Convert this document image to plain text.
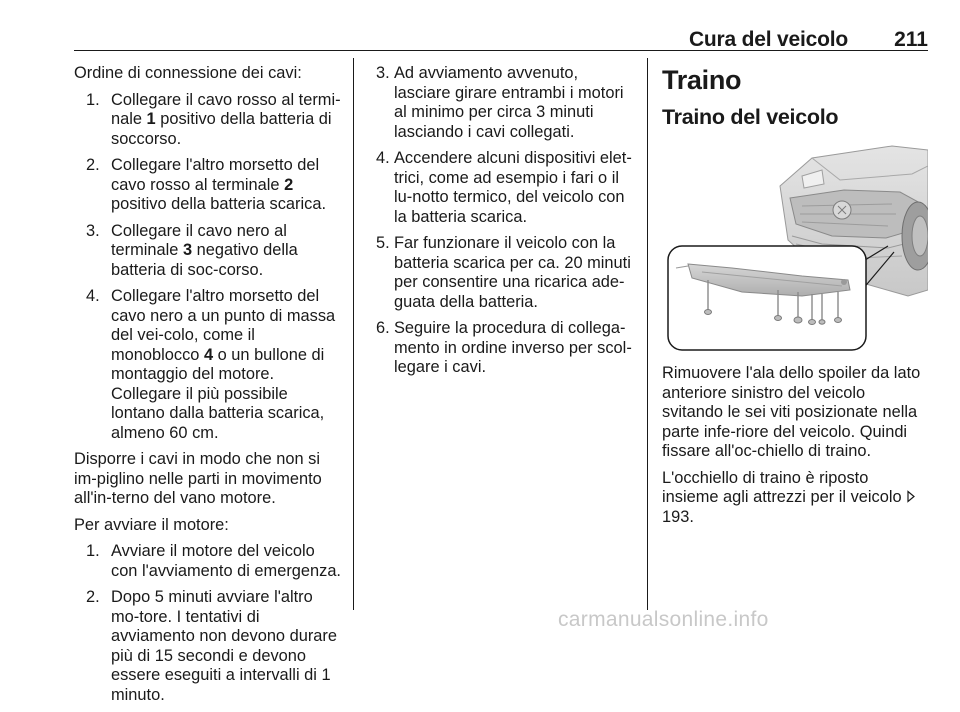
Cura del veicolo 211

Ordine di connessione dei cavi:

1. Collegare il cavo rosso al termi-nale 1 positivo della batteria di soccorso.
2. Collegare l'altro morsetto del cavo rosso al terminale 2 positivo della batteria scarica.
3. Collegare il cavo nero al terminale 3 negativo della batteria di soc-corso.
4. Collegare l'altro morsetto del cavo nero a un punto di massa del vei-colo, come il monoblocco 4 o un bullone di montaggio del motore. Collegare il più possibile lontano dalla batteria scarica, almeno 60 cm.

Disporre i cavi in modo che non si im-piglino nelle parti in movimento all'in-terno del vano motore.

Per avviare il motore:

1. Avviare il motore del veicolo con l'avviamento di emergenza.
2. Dopo 5 minuti avviare l'altro mo-tore. I tentativi di avviamento non devono durare più di 15 secondi e devono essere eseguiti a intervalli di 1 minuto.
3. Ad avviamento avvenuto, lasciare girare entrambi i motori al minimo per circa 3 minuti lasciando i cavi collegati.
4. Accendere alcuni dispositivi elet-trici, come ad esempio i fari o il lu-notto termico, del veicolo con la batteria scarica.
5. Far funzionare il veicolo con la batteria scarica per ca. 20 minuti per consentire una ricarica ade-guata della batteria.
6. Seguire la procedura di collega-mento in ordine inverso per scol-legare i cavi.
Traino
Traino del veicolo

Rimuovere l'ala dello spoiler da lato anteriore sinistro del veicolo svitando le sei viti posizionate nella parte infe-riore del veicolo. Quindi fissare all'oc-chiello di traino.

L'occhiello di traino è riposto insieme agli attrezzi per il veicolo  193.

carmanualsonline.info
